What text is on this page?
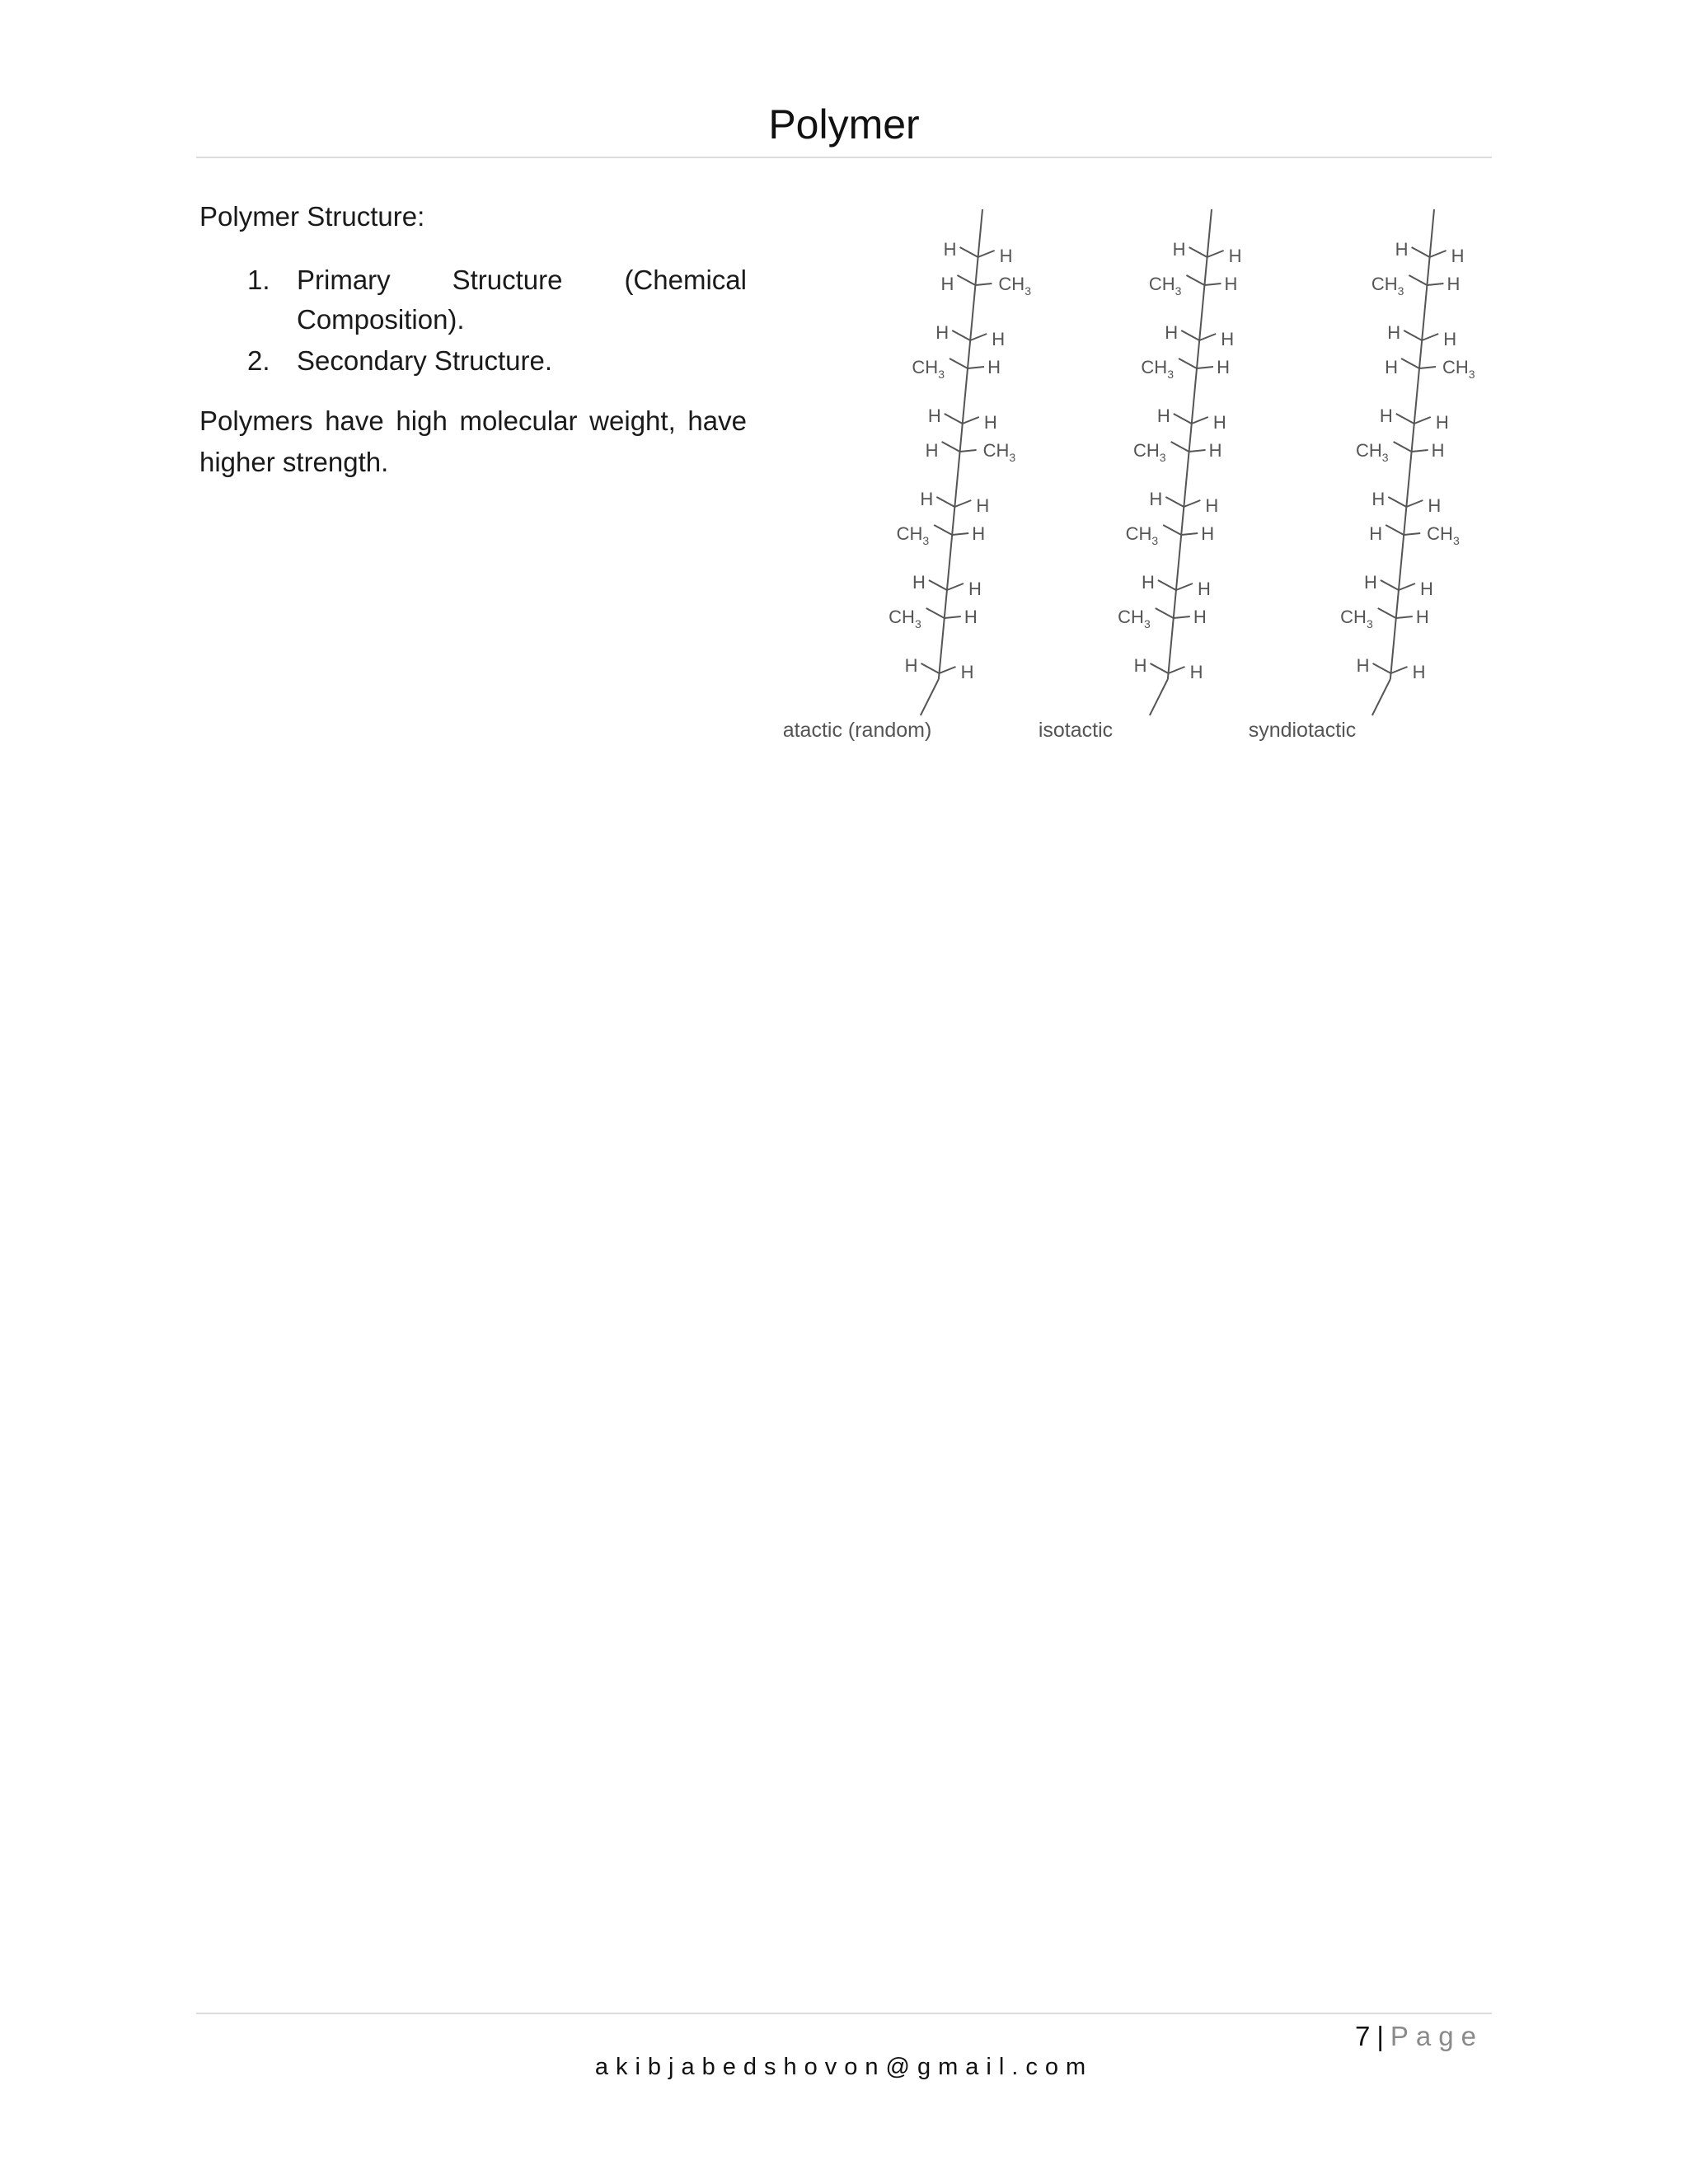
Polymer
Polymer Structure:
1. Primary Structure (Chemical
Composition).
2. Secondary Structure.
Polymers have high molecular weight, have
higher strength.
H H
H $CH_3$
H H
$CH_3$ H
H H
H $CH_3$
H H
$CH_3$ H
H H
$CH_3$ H
H H
atactic (random)
H H
$CH_3$ H
H H
$CH_3$ H
H H
$CH_3$ H
H H
$CH_3$ H
H H
$CH_3$ H
H H
isotactic
H H
$CH_3$ H
H H
H $CH_3$
H H
$CH_3$ H
H H
H $CH_3$
H H
$CH_3$ H
H H
syndiotactic
7 | Page
akibjabedshovon@gmail.com
